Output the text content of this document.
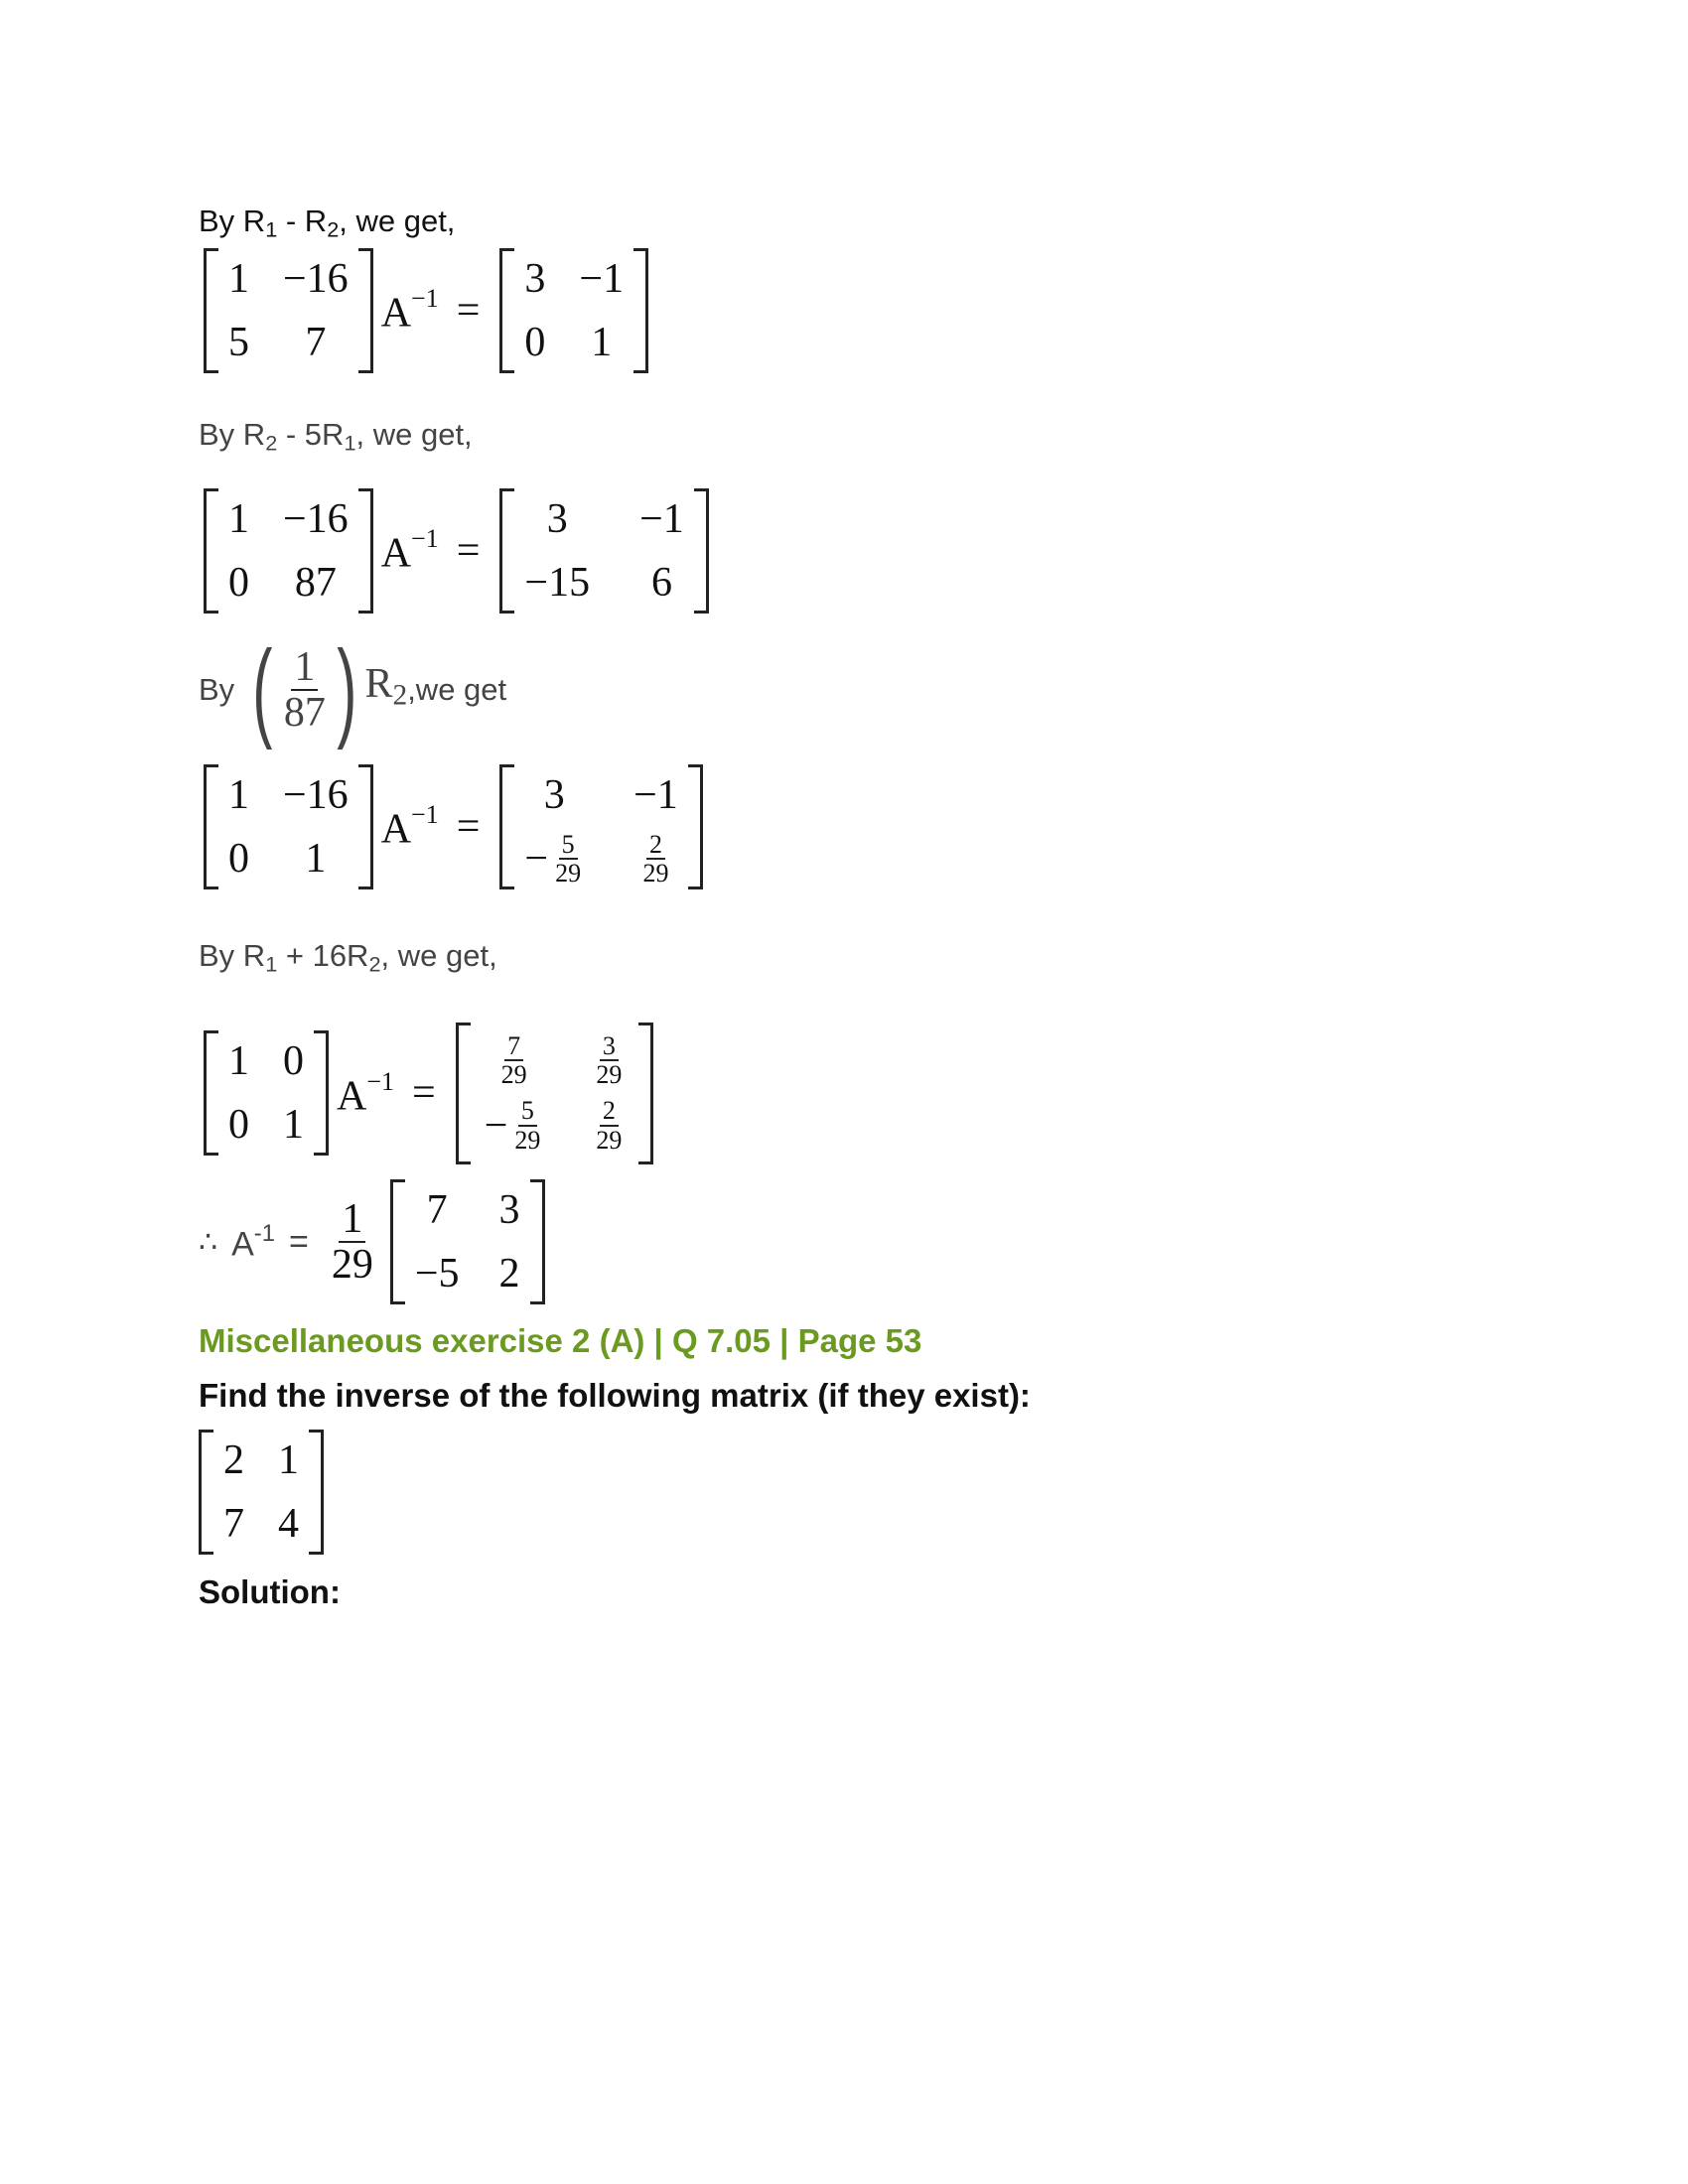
By $R_1 - R_2$, we get,
1 −16
5 7
$A^{-1}$ =
3 −1
0 1
By $R_2 - 5R_1$, we get,
1 −16
0 87
$A^{-1}$ =
3 −1
−15 6
By ( $\frac{1}{87}$ ) $R_2$ ,we get
1 −16
0 1
$A^{-1}$ =
3 −1
− $\frac{5}{29} \frac{2}{29}$
By $R_1 + 16R_2$, we get,
1 0
0 1
$A^{-1}$ =
$\frac{7}{29} \frac{3}{29}$
− $\frac{5}{29} \frac{2}{29}$
∴ $A^{-1} = \frac{1}{29} 7$ 3
−5 2
Miscellaneous exercise 2 (A) | Q 7.05 | Page 53
Find the inverse of the following matrix (if they exist):
2 1
7 4
Solution:
